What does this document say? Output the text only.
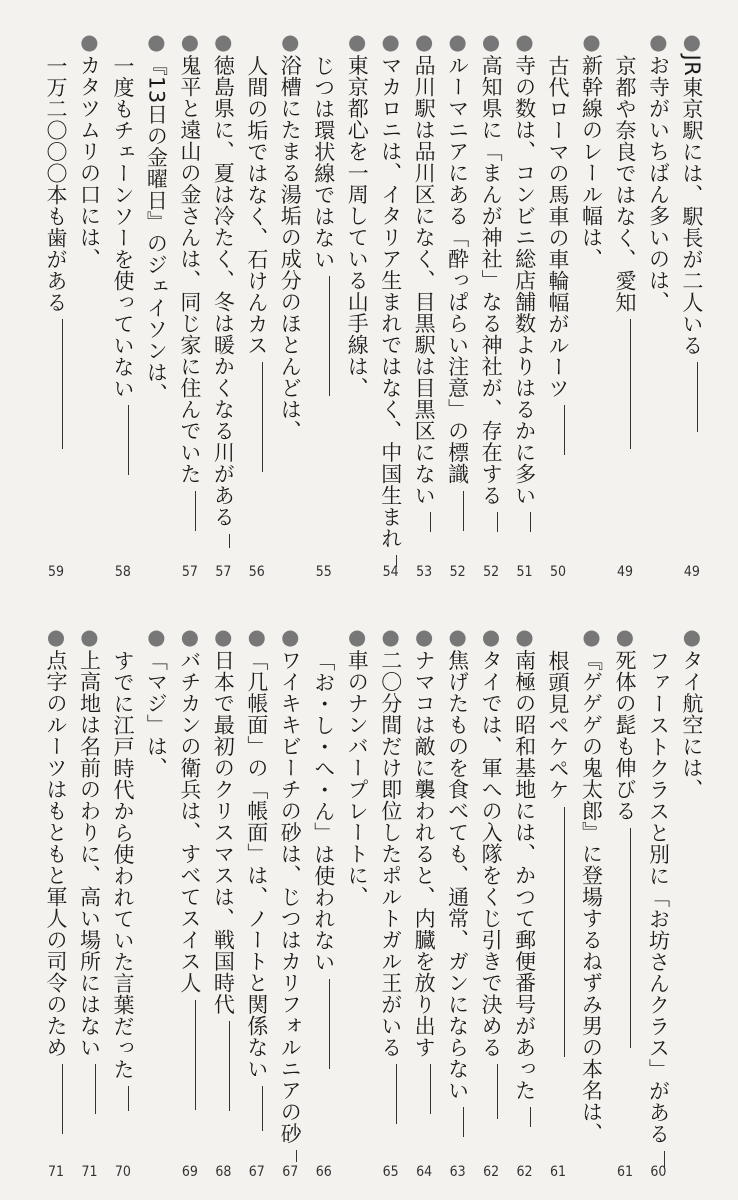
● JR東京駅には、駅長が二人いる
49
● お寺がいちばん多いのは、
京都や奈良ではなく、愛知
49
● 新幹線のレール幅は、
古代ローマの馬車の車輪幅がルーツ
50
● 寺の数は、コンビニ総店舗数よりはるかに多い
51
● 高知県に「まんが神社」なる神社が、存在する
52
● ルーマニアにある「酔っぱらい注意」の標識
52
● 品川駅は品川区になく、目黒駅は目黒区にない
53
● マカロニは、イタリア生まれではなく、中国生まれ
54
● 東京都心を一周している山手線は、
じつは環状線ではない
55
● 浴槽にたまる湯垢の成分のほとんどは、
人間の垢ではなく、石けんカス
56
● 徳島県に、夏は冷たく、冬は暖かくなる川がある
57
● 鬼平と遠山の金さんは、同じ家に住んでいた
57
● 『13日の金曜日』のジェイソンは、
一度もチェーンソーを使っていない
58
● カタツムリの口には、
一万二〇〇〇本も歯がある
59
● タイ航空には、
ファーストクラスと別に「お坊さんクラス」がある
60
● 死体の髭も伸びる
61
● 『ゲゲゲの鬼太郎』に登場するねずみ男の本名は、
根頭見ペケペケ
61
● 南極の昭和基地には、かつて郵便番号があった
62
● タイでは、軍への入隊をくじ引きで決める
62
● 焦げたものを食べても、通常、ガンにならない
63
● ナマコは敵に襲われると、内臓を放り出す
64
● 二〇分間だけ即位したポルトガル王がいる
65
● 車のナンバープレートに、
「お・し・へ・ん」は使われない
66
● ワイキキビーチの砂は、じつはカリフォルニアの砂
67
● 「几帳面」の「帳面」は、ノートと関係ない
67
● 日本で最初のクリスマスは、戦国時代
68
● バチカンの衛兵は、すべてスイス人
69
● 「マジ」は、
すでに江戸時代から使われていた言葉だった
70
● 上高地は名前のわりに、高い場所にはない
71
● 点字のルーツはもともと軍人の司令のため
71
